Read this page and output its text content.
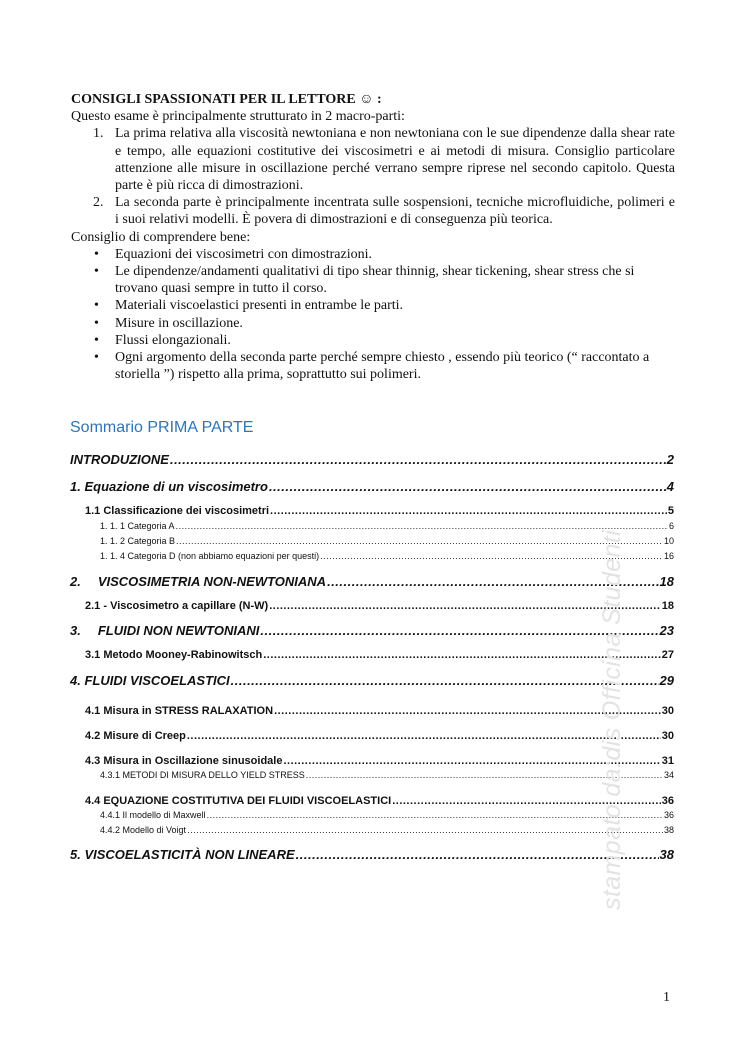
CONSIGLI SPASSIONATI PER IL LETTORE ☺ :

Questo esame è principalmente strutturato in 2 macro-parti:

1. La prima relativa alla viscosità newtoniana e non newtoniana con le sue dipendenze dalla shear rate e tempo, alle equazioni costitutive dei viscosimetri e ai metodi di misura. Consiglio particolare attenzione alle misure in oscillazione perché verrano sempre riprese nel secondo capitolo. Questa parte è più ricca di dimostrazioni.
2. La seconda parte è principalmente incentrata sulle sospensioni, tecniche microfluidiche, polimeri e i suoi relativi modelli. È povera di dimostrazioni e di conseguenza più teorica.

Consiglio di comprendere bene:

• Equazioni dei viscosimetri con dimostrazioni.
• Le dipendenze/andamenti qualitativi di tipo shear thinnig, shear tickening, shear stress che si trovano quasi sempre in tutto il corso.
• Materiali viscoelastici presenti in entrambe le parti.
• Misure in oscillazione.
• Flussi elongazionali.
• Ogni argomento della seconda parte perché sempre chiesto , essendo più teorico (“ raccontato a storiella ”) rispetto alla prima, soprattutto sui polimeri.
Sommario PRIMA PARTE
INTRODUZIONE .....	2
1. Equazione di un viscosimetro .....	4
1.1 Classificazione dei viscosimetri .....	5
1. 1. 1 Categoria A .....	6
1. 1. 2 Categoria B .....	10
1. 1. 4 Categoria D (non abbiamo equazioni per questi) .....	16
2. VISCOSIMETRIA NON-NEWTONIANA .....	18
2.1 - Viscosimetro a capillare (N-W) .....	18
3. FLUIDI NON NEWTONIANI .....	23
3.1 Metodo Mooney-Rabinowitsch .....	27
4. FLUIDI VISCOELASTICI .....	29
4.1 Misura in STRESS RALAXATION .....	30
4.2 Misure di Creep .....	30
4.3 Misura in Oscillazione sinusoidale .....	31
4.3.1 METODI DI MISURA DELLO YIELD STRESS .....	34
4.4 EQUAZIONE COSTITUTIVA DEI FLUIDI VISCOELASTICI .....	36
4.4.1 Il modello di Maxwell .....	36
4.4.2 Modello di Voigt .....	38
5. VISCOELASTICITÀ NON LINEARE .....	38
stampato da:dis Officina Studenti
1
